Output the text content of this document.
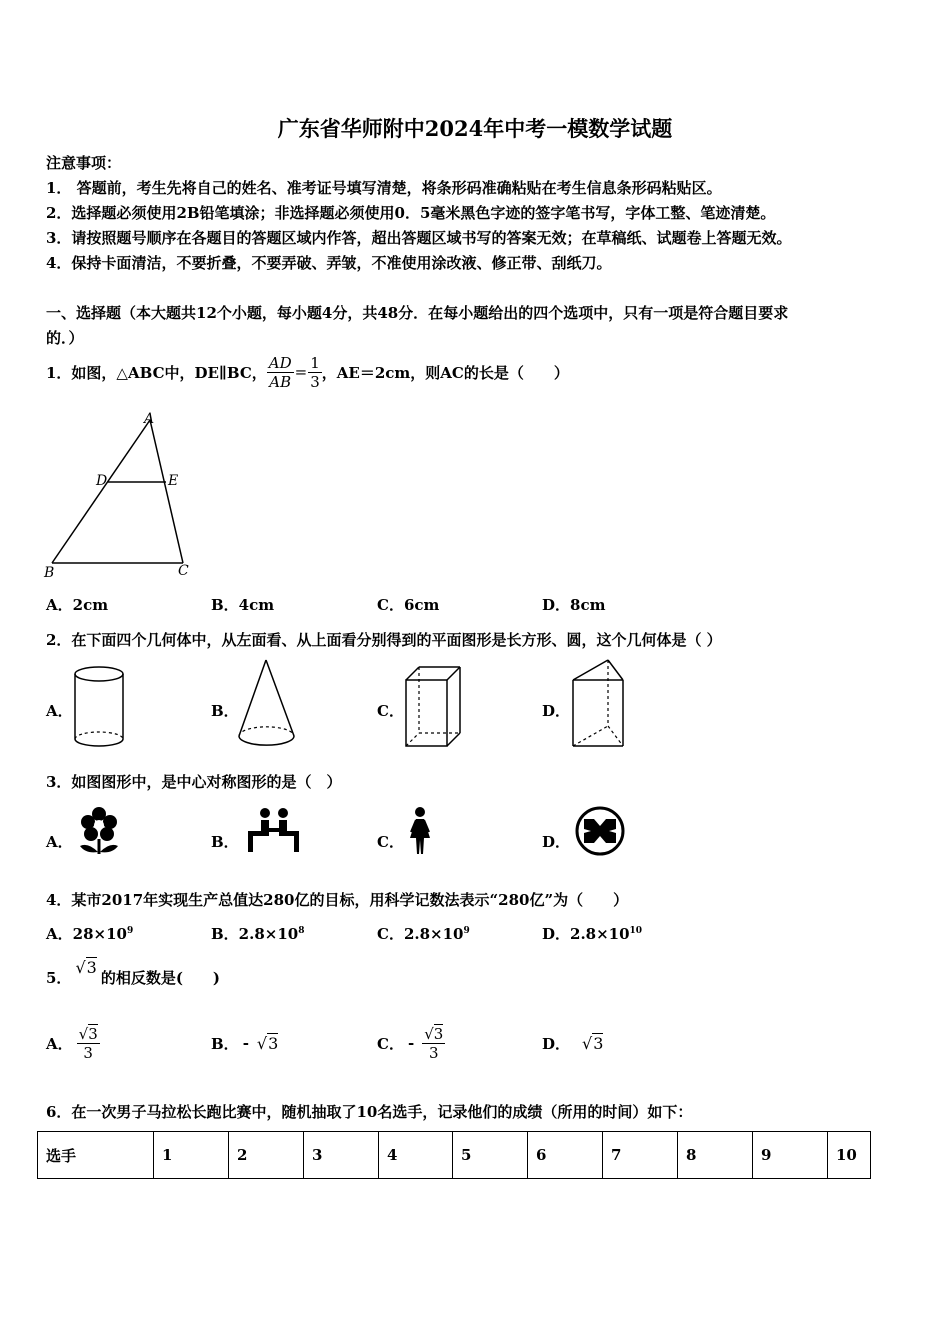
广东省华师附中2024年中考一模数学试题
注意事项：
1． 答题前，考生先将自己的姓名、准考证号填写清楚，将条形码准确粘贴在考生信息条形码粘贴区。
2．选择题必须使用2B铅笔填涂；非选择题必须使用0．5毫米黑色字迹的签字笔书写，字体工整、笔迹清楚。
3．请按照题号顺序在各题目的答题区域内作答，超出答题区域书写的答案无效；在草稿纸、试题卷上答题无效。
4．保持卡面清洁，不要折叠，不要弄破、弄皱，不准使用涂改液、修正带、刮纸刀。
一、选择题（本大题共12个小题，每小题4分，共48分．在每小题给出的四个选项中，只有一项是符合题目要求
的．）
1．如图，△ABC中，DE∥BC， $\frac{AD}{AB} = \frac{1}{3}$ ，AE＝2cm，则AC的长是（　　）
A
D	E
B	C
A．2cm	B．4cm	C．6cm	D．8cm
2．在下面四个几何体中，从左面看、从上面看分别得到的平面图形是长方形、圆，这个几何体是（ ）
A．	B．	C．	D．
3．如图图形中，是中心对称图形的是（　）
A．	B．	C．	D．
4．某市2017年实现生产总值达280亿的目标，用科学记数法表示“280亿”为（　　）
A．$28\times 10^9$	B．$2.8\times 10^8$	C．$2.8\times 10^9$	D．$2.8\times 10^{10}$
5．
√3
的相反数是(　　)
A． $\frac{√3}{3}$	B． - √3	C． - $\frac{√3}{3}$	D． √3
6．在一次男子马拉松长跑比赛中，随机抽取了10名选手，记录他们的成绩（所用的时间）如下：
选手	1	2	3	4	5	6	7	8	9	10
